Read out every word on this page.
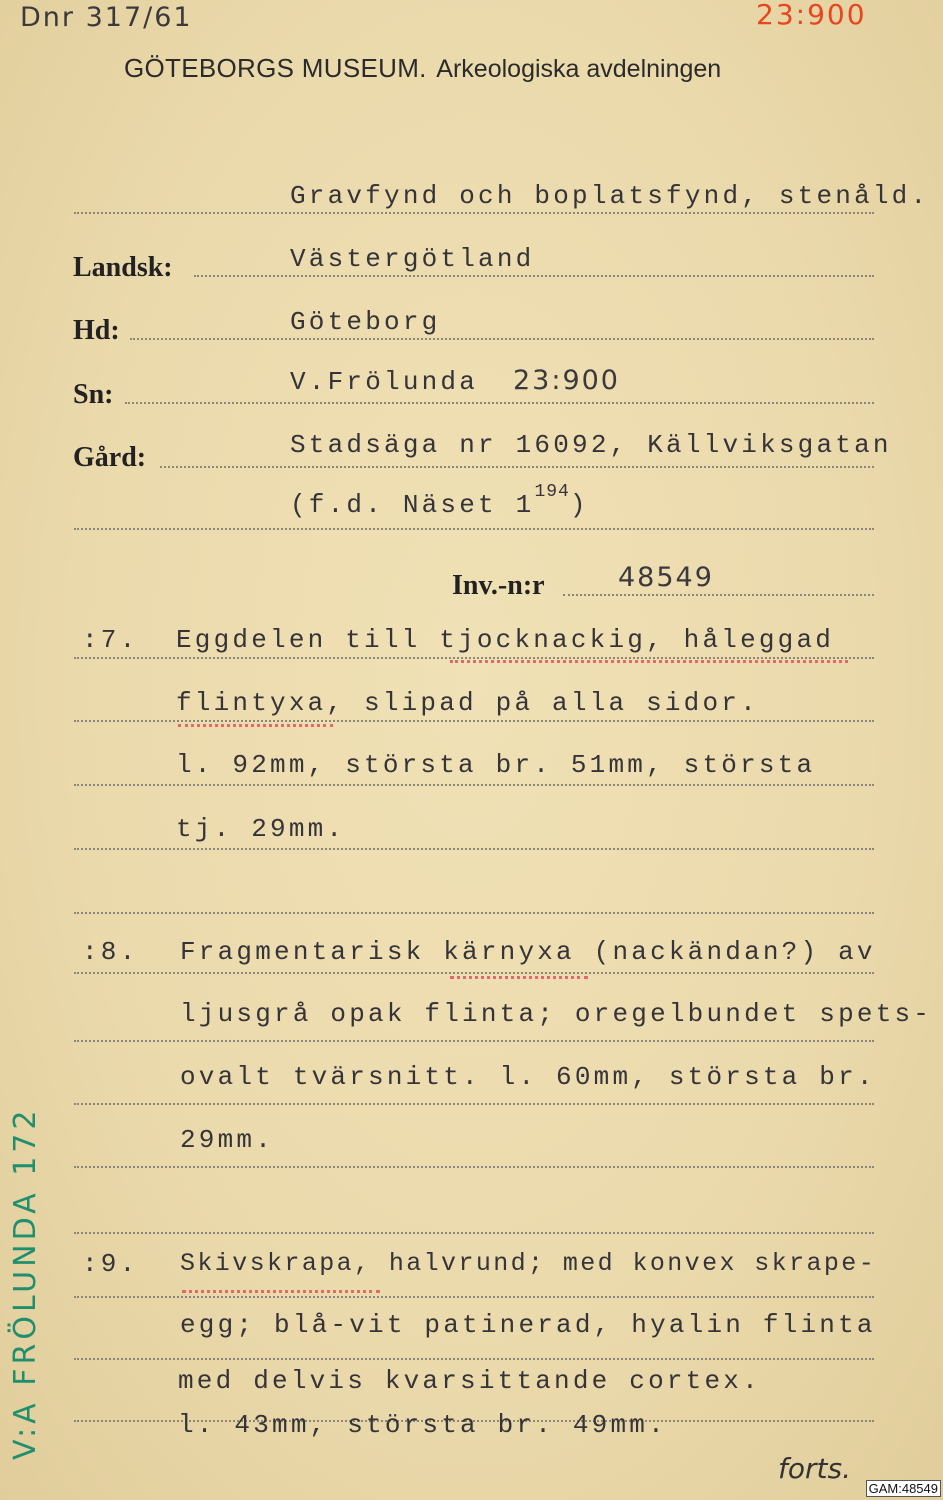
Dnr 317/61	23:900
GÖTEBORGS MUSEUM. Arkeologiska avdelningen
Gravfynd och boplatsfynd, stenåld.
Landsk:	Västergötland
Hd:	Göteborg
Sn:	V.Frölunda 23:900
Gård:	Stadsäga nr 16092, Källviksgatan
(f.d. Näset $1^{194}$)
Inv.-n:r	48549
:7. Eggdelen till tjocknackig, håleggad
flintyxa, slipad på alla sidor.
l. 92mm, största br. 51mm, största
tj. 29mm.
:8. Fragmentarisk kärnyxa (nackändan?) av
ljusgrå opak flinta; oregelbundet spets-
ovalt tvärsnitt. l. 60mm, största br.
29mm.
:9. Skivskrapa, halvrund; med konvex skrape-
egg; blå-vit patinerad, hyalin flinta
med delvis kvarsittande cortex.
l. 43mm, största br. 49mm.
V:A FRÖLUNDA 172
forts.
GAM:48549
